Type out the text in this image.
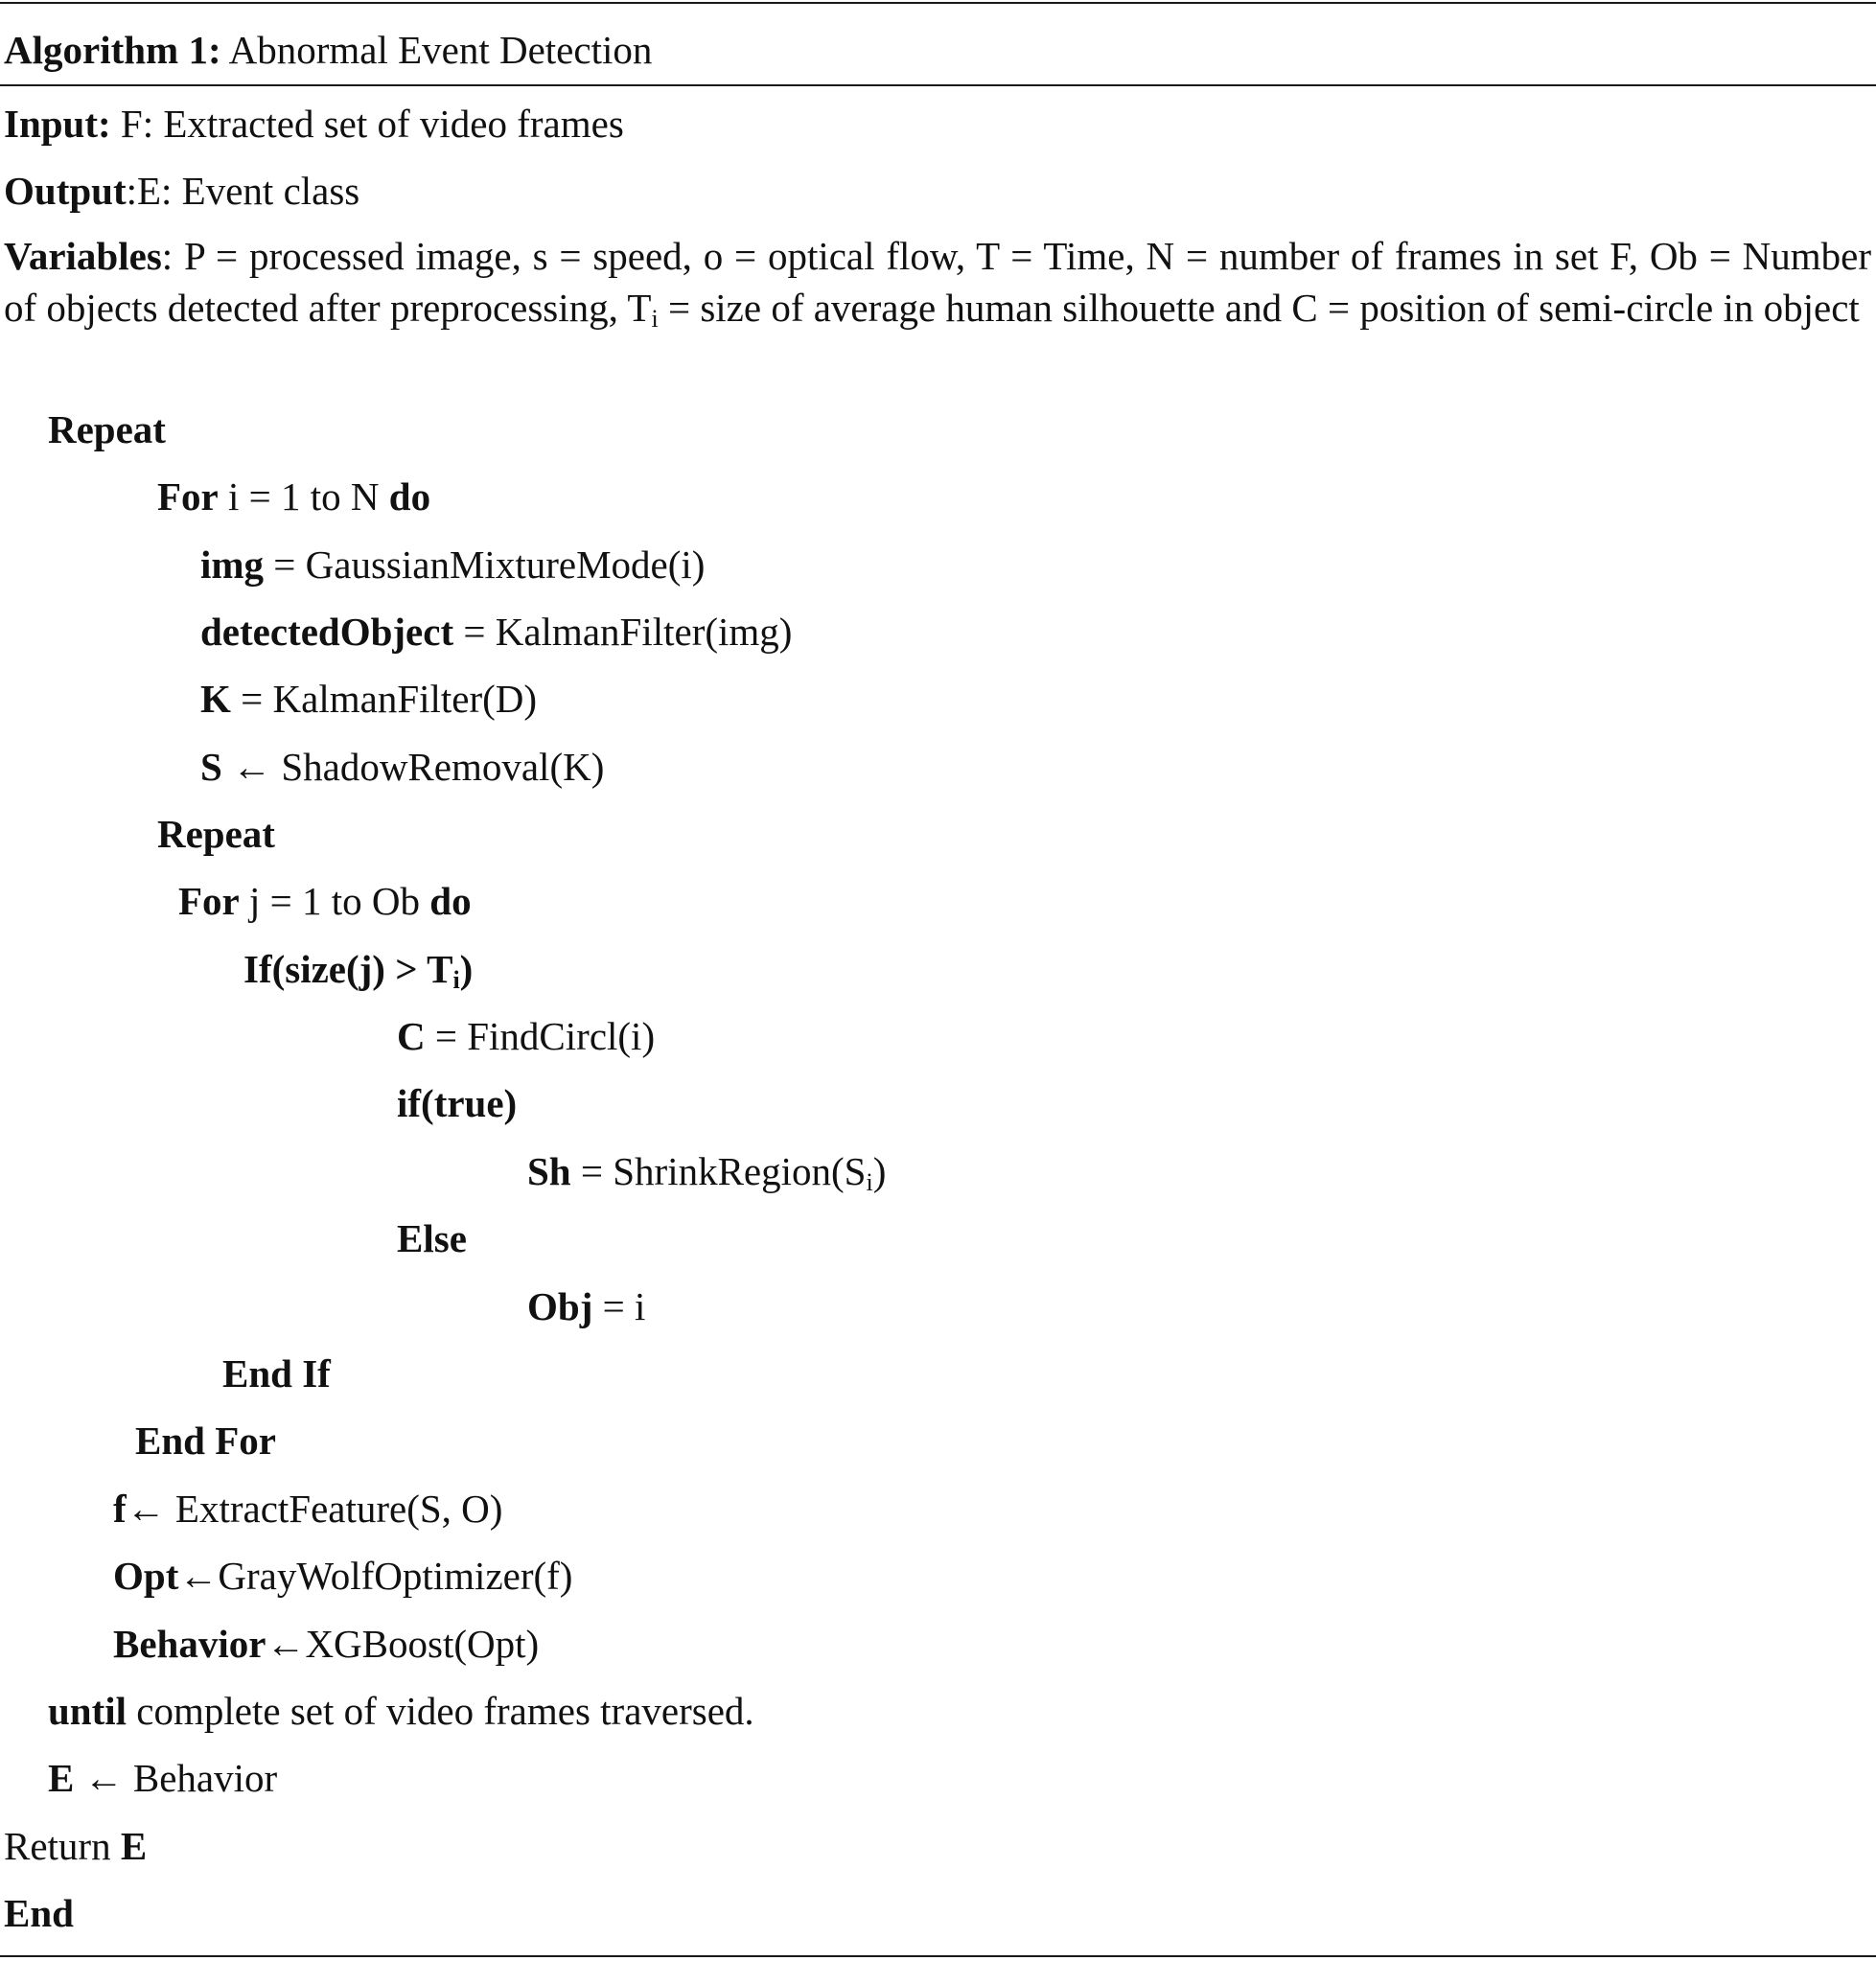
Algorithm 1: Abnormal Event Detection
Input: F: Extracted set of video frames
Output:E: Event class
Variables: P = processed image, s = speed, o = optical flow, T = Time, N = number of frames in set F, Ob = Number of objects detected after preprocessing, $T_i$ = size of average human silhouette and C = position of semi-circle in object
Repeat
For i = 1 to N do
img = GaussianMixtureMode(i)
detectedObject = KalmanFilter(img)
K = KalmanFilter(D)
S ← ShadowRemoval(K)
Repeat
For j = 1 to Ob do
If(size(j) > $T_i$)
C = FindCircl(i)
if(true)
$Sh = ShrinkRegion(S_i)$
Else
Obj = i
End If
End For
f← ExtractFeature(S, O)
Opt←GrayWolfOptimizer(f)
Behavior←XGBoost(Opt)
until complete set of video frames traversed.
E ← Behavior
Return E
End
